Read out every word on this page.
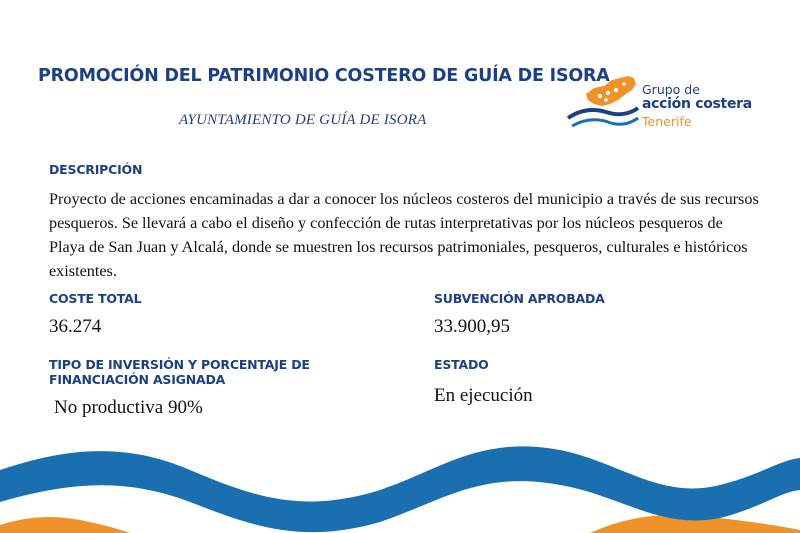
PROMOCIÓN DEL PATRIMONIO COSTERO DE GUÍA DE ISORA
AYUNTAMIENTO DE GUÍA DE ISORA
Grupo de
acción costera
Tenerife
DESCRIPCIÓN
Proyecto de acciones encaminadas a dar a conocer los núcleos costeros del municipio a través de sus recursos pesqueros. Se llevará a cabo el diseño y confección de rutas interpretativas por los núcleos pesqueros de Playa de San Juan y Alcalá, donde se muestren los recursos patrimoniales, pesqueros, culturales e históricos existentes.
COSTE TOTAL
36.274
SUBVENCIÓN APROBADA
33.900,95
TIPO DE INVERSIÓN Y PORCENTAJE DE
FINANCIACIÓN ASIGNADA
No productiva 90%
ESTADO
En ejecución
